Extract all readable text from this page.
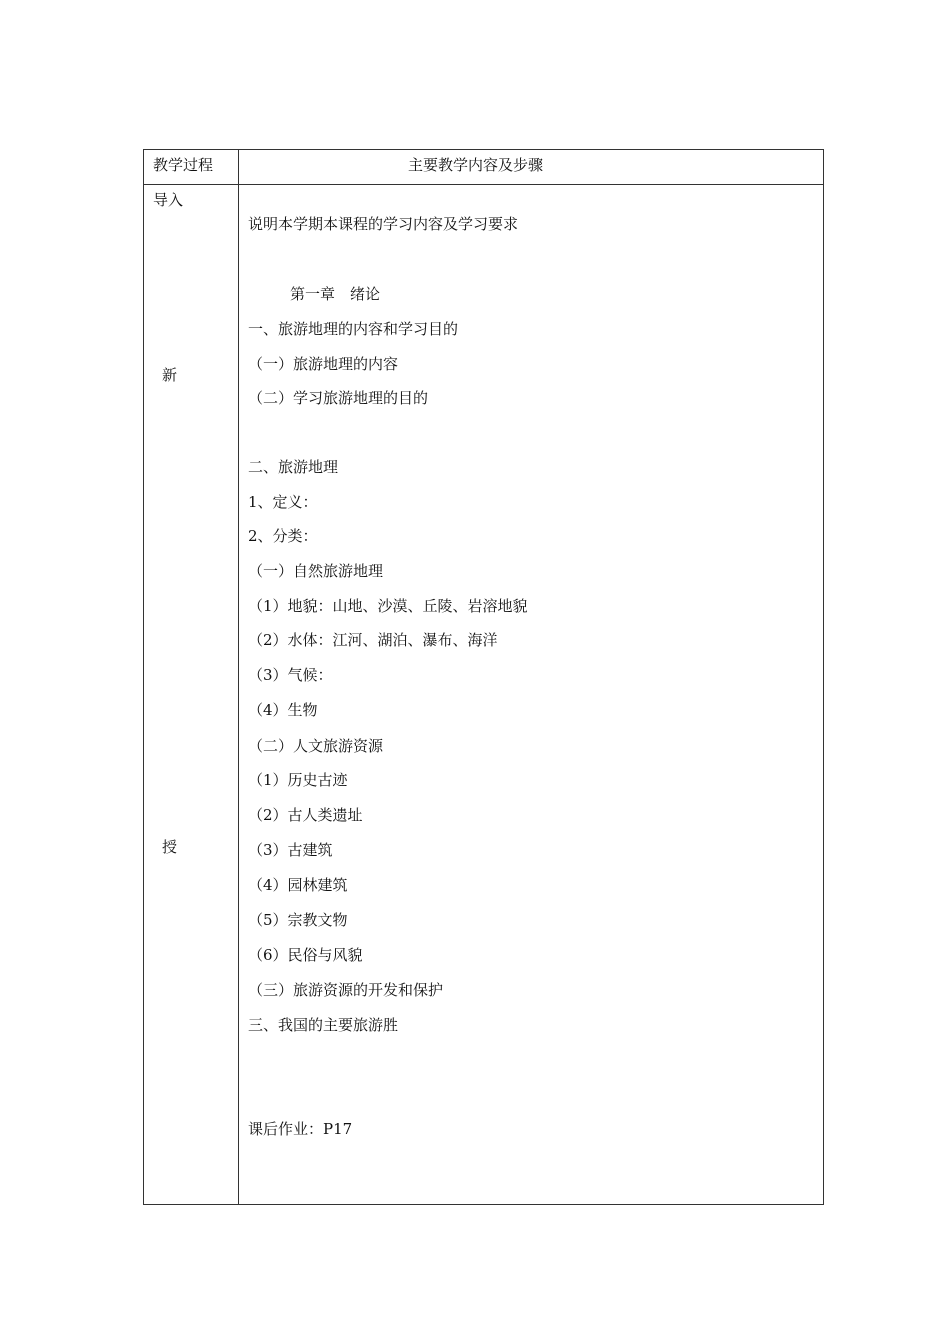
教学过程	主要教学内容及步骤
导入
新
授
说明本学期本课程的学习内容及学习要求
第一章　绪论
一、旅游地理的内容和学习目的
（一）旅游地理的内容
（二）学习旅游地理的目的
二、旅游地理
1、定义：
2、分类：
（一）自然旅游地理
（1）地貌：山地、沙漠、丘陵、岩溶地貌
（2）水体：江河、湖泊、瀑布、海洋
（3）气候：
（4）生物
（二）人文旅游资源
（1）历史古迹
（2）古人类遗址
（3）古建筑
（4）园林建筑
（5）宗教文物
（6）民俗与风貌
（三）旅游资源的开发和保护
三、我国的主要旅游胜
课后作业：P17
